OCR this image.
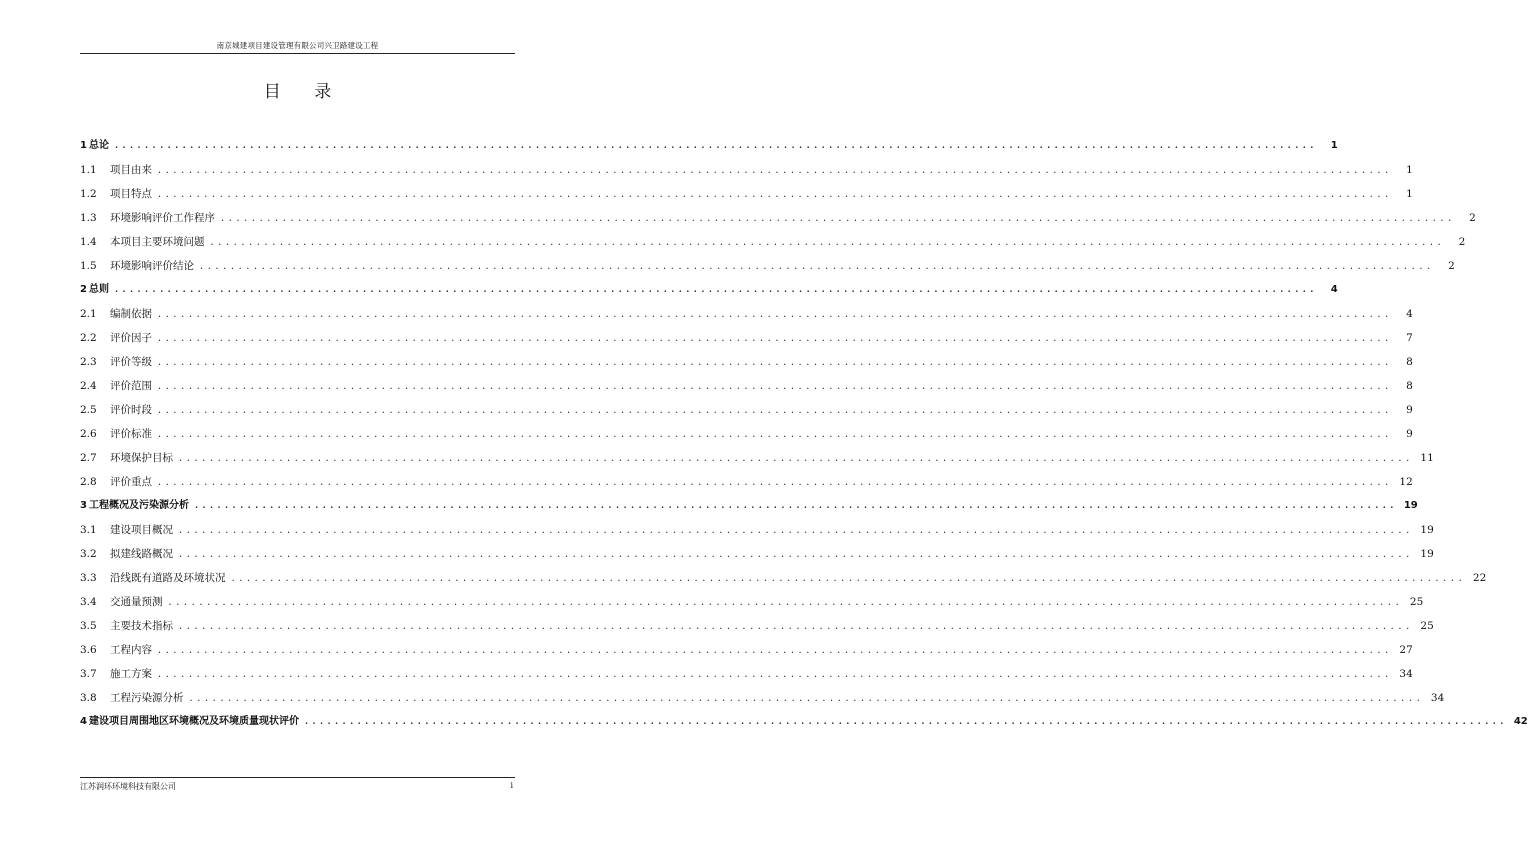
南京城建项目建设管理有限公司兴卫路建设工程
目 录
1 总论 ................................................................................................................................................................	1
1.1	项目由来 ................................................................................................................................................................	1
1.2	项目特点 ................................................................................................................................................................	1
1.3	环境影响评价工作程序 ................................................................................................................................................................	2
1.4	本项目主要环境问题 ................................................................................................................................................................	2
1.5	环境影响评价结论 ................................................................................................................................................................	2
2 总则 ................................................................................................................................................................	4
2.1	编制依据 ................................................................................................................................................................	4
2.2	评价因子 ................................................................................................................................................................	7
2.3	评价等级 ................................................................................................................................................................	8
2.4	评价范围 ................................................................................................................................................................	8
2.5	评价时段 ................................................................................................................................................................	9
2.6	评价标准 ................................................................................................................................................................	9
2.7	环境保护目标 ................................................................................................................................................................ 11
2.8	评价重点 ................................................................................................................................................................ 12
3 工程概况及污染源分析 ................................................................................................................................................................ 19
3.1	建设项目概况 ................................................................................................................................................................ 19
3.2	拟建线路概况 ................................................................................................................................................................ 19
3.3	沿线既有道路及环境状况 ................................................................................................................................................................ 22
3.4	交通量预测 ................................................................................................................................................................ 25
3.5	主要技术指标 ................................................................................................................................................................ 25
3.6	工程内容 ................................................................................................................................................................ 27
3.7	施工方案 ................................................................................................................................................................ 34
3.8	工程污染源分析 ................................................................................................................................................................ 34
4 建设项目周围地区环境概况及环境质量现状评价 ................................................................................................................................................................ 42
江苏润环环境科技有限公司	i
